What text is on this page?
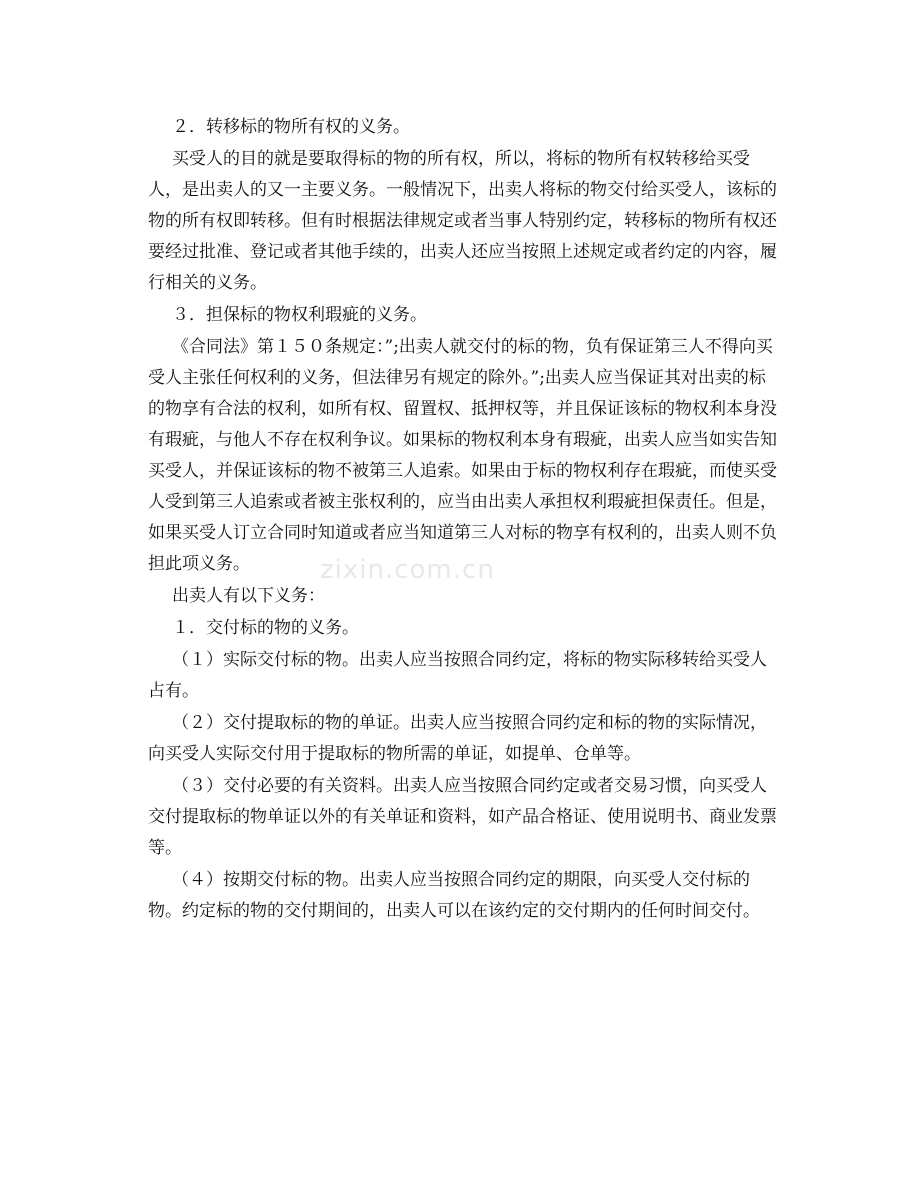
２．转移标的物所有权的义务。

买受人的目的就是要取得标的物的所有权，所以，将标的物所有权转移给买受人，是出卖人的又一主要义务。一般情况下，出卖人将标的物交付给买受人，该标的物的所有权即转移。但有时根据法律规定或者当事人特别约定，转移标的物所有权还要经过批准、登记或者其他手续的，出卖人还应当按照上述规定或者约定的内容，履行相关的义务。

３．担保标的物权利瑕疵的义务。

《合同法》第１５０条规定：”;出卖人就交付的标的物，负有保证第三人不得向买受人主张任何权利的义务，但法律另有规定的除外。”;出卖人应当保证其对出卖的标的物享有合法的权利，如所有权、留置权、抵押权等，并且保证该标的物权利本身没有瑕疵，与他人不存在权利争议。如果标的物权利本身有瑕疵，出卖人应当如实告知买受人，并保证该标的物不被第三人追索。如果由于标的物权利存在瑕疵，而使买受人受到第三人追索或者被主张权利的，应当由出卖人承担权利瑕疵担保责任。但是，如果买受人订立合同时知道或者应当知道第三人对标的物享有权利的，出卖人则不负担此项义务。

出卖人有以下义务：

１．交付标的物的义务。

（１）实际交付标的物。出卖人应当按照合同约定，将标的物实际移转给买受人占有。

（２）交付提取标的物的单证。出卖人应当按照合同约定和标的物的实际情况，向买受人实际交付用于提取标的物所需的单证，如提单、仓单等。

（３）交付必要的有关资料。出卖人应当按照合同约定或者交易习惯，向买受人交付提取标的物单证以外的有关单证和资料，如产品合格证、使用说明书、商业发票等。

（４）按期交付标的物。出卖人应当按照合同约定的期限，向买受人交付标的物。约定标的物的交付期间的，出卖人可以在该约定的交付期内的任何时间交付。

zixin.com.cn
